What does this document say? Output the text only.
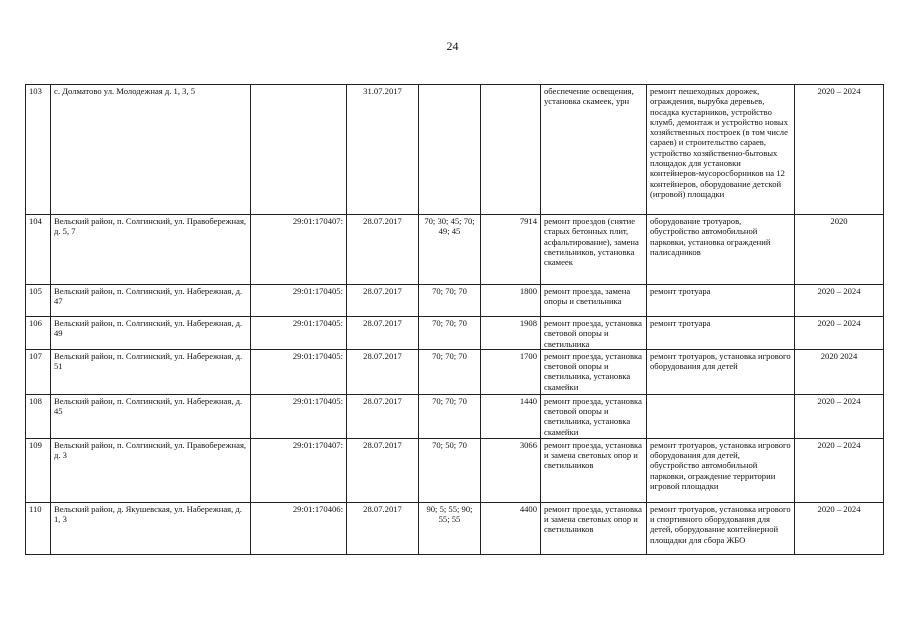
24
103	с. Долматово ул. Молодежная д. 1, 3, 5		31.07.2017			обеспечение освещения, установка скамеек, урн	ремонт пешеходных дорожек, ограждения, вырубка деревьев, посадка кустарников, устройство клумб, демонтаж и устройство новых хозяйственных построек (в том числе сараев) и строительство сараев, устройство хозяйственно-бытовых площадок для установки контейнеров-мусоросборников на 12 контейнеров, оборудование детской (игровой) площадки	2020 – 2024
104	Вельский район, п. Солгинский, ул. Правобережная, д. 5, 7	29:01:170407:	28.07.2017	70; 30; 45; 70; 49; 45	7914	ремонт проездов (снятие старых бетонных плит, асфальтирование), замена светильников, установка скамеек	оборудование тротуаров, обустройство автомобильной парковки, установка ограждений палисадников	2020
105	Вельский район, п. Солгинский, ул. Набережная, д. 47	29:01:170405:	28.07.2017	70; 70; 70	1800	ремонт проезда, замена опоры и светильника	ремонт тротуара	2020 – 2024
106	Вельский район, п. Солгинский, ул. Набережная, д. 49	29:01:170405:	28.07.2017	70; 70; 70	1908	ремонт проезда, установка световой опоры и светильника	ремонт тротуара	2020 – 2024
107	Вельский район, п. Солгинский, ул. Набережная, д. 51	29:01:170405:	28.07.2017	70; 70; 70	1700	ремонт проезда, установка световой опоры и светильника, установка скамейки	ремонт тротуаров, установка игрового оборудования для детей	2020 2024
108	Вельский район, п. Солгинский, ул. Набережная, д. 45	29:01:170405:	28.07.2017	70; 70; 70	1440	ремонт проезда, установка световой опоры и светильника, установка скамейки		2020 – 2024
109	Вельский район, п. Солгинский, ул. Правобережная, д. 3	29:01:170407:	28.07.2017	70; 50; 70	3066	ремонт проезда, установка и замена световых опор и светильников	ремонт тротуаров, установка игрового оборудования для детей, обустройство автомобильной парковки, ограждение территории игровой площадки	2020 – 2024
110	Вельский район, д. Якушевская, ул. Набережная, д. 1, 3	29:01:170406:	28.07.2017	90; 5; 55; 90; 55; 55	4400	ремонт проезда, установка и замена световых опор и светильников	ремонт тротуаров, установка игрового и спортивного оборудования для детей, оборудование контейнерной площадки для сбора ЖБО	2020 – 2024
